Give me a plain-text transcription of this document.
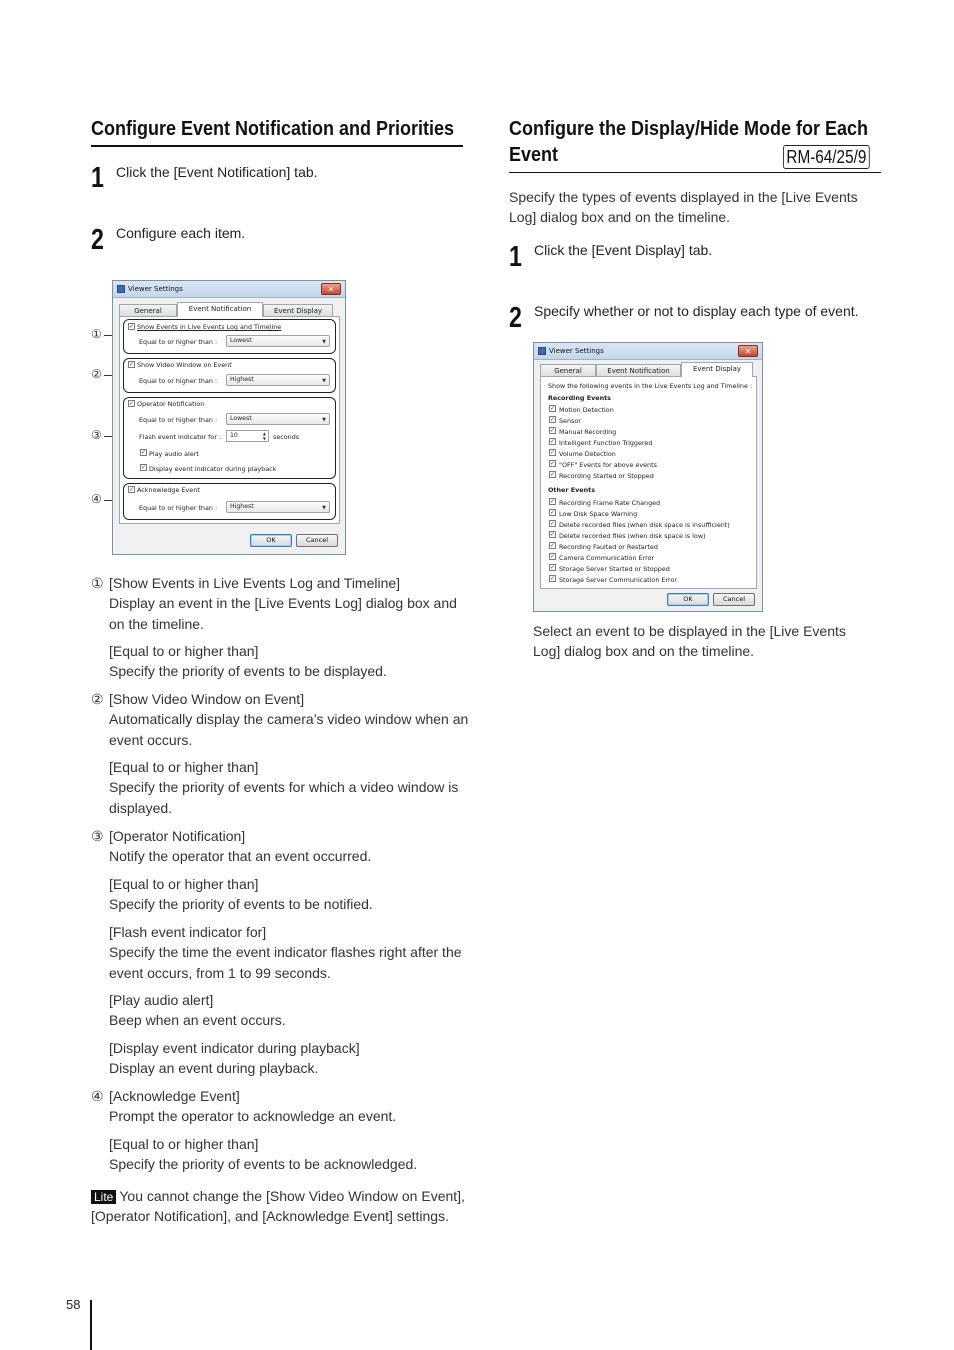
Configure Event Notification and Priorities
1 Click the [Event Notification] tab.
2 Configure each item.
①
②
③
④
Viewer Settings	✕
General	Event Notification	Event Display
✓ Show Events in Live Events Log and Timeline
Equal to or higher than :	Lowest	▼
✓ Show Video Window on Event
Equal to or higher than :	Highest	▼
✓ Operator Notification
Equal to or higher than :	Lowest	▼
Flash event indicator for :	10	▲
▼ seconds
✓ Play audio alert
✓ Display event indicator during playback
✓ Acknowledge Event
Equal to or higher than :	Highest	▼
OK	Cancel
① [Show Events in Live Events Log and Timeline]
Display an event in the [Live Events Log] dialog box and on the timeline.
[Equal to or higher than]
Specify the priority of events to be displayed.
② [Show Video Window on Event]
Automatically display the camera’s video window when an event occurs.
[Equal to or higher than]
Specify the priority of events for which a video window is displayed.
③ [Operator Notification]
Notify the operator that an event occurred.
[Equal to or higher than]
Specify the priority of events to be notified.
[Flash event indicator for]
Specify the time the event indicator flashes right after the event occurs, from 1 to 99 seconds.
[Play audio alert]
Beep when an event occurs.
[Display event indicator during playback]
Display an event during playback.
④ [Acknowledge Event]
Prompt the operator to acknowledge an event.
[Equal to or higher than]
Specify the priority of events to be acknowledged.
Lite You cannot change the [Show Video Window on Event], [Operator Notification], and [Acknowledge Event] settings.
Configure the Display/Hide Mode for Each
Event	RM-64/25/9
Specify the types of events displayed in the [Live Events Log] dialog box and on the timeline.
1 Click the [Event Display] tab.
2 Specify whether or not to display each type of event.
Viewer Settings	✕
General	Event Notification	Event Display
Show the following events in the Live Events Log and Timeline :
Recording Events
✓ Motion Detection
✓ Sensor
✓ Manual Recording
✓ Intelligent Function Triggered
✓ Volume Detection
✓ "OFF" Events for above events
✓ Recording Started or Stopped
Other Events
✓ Recording Frame Rate Changed
✓ Low Disk Space Warning
✓ Delete recorded files (when disk space is insufficient)
✓ Delete recorded files (when disk space is low)
✓ Recording Faulted or Restarted
✓ Camera Communication Error
✓ Storage Server Started or Stopped
✓ Storage Server Communication Error
OK	Cancel
Select an event to be displayed in the [Live Events Log] dialog box and on the timeline.
58
